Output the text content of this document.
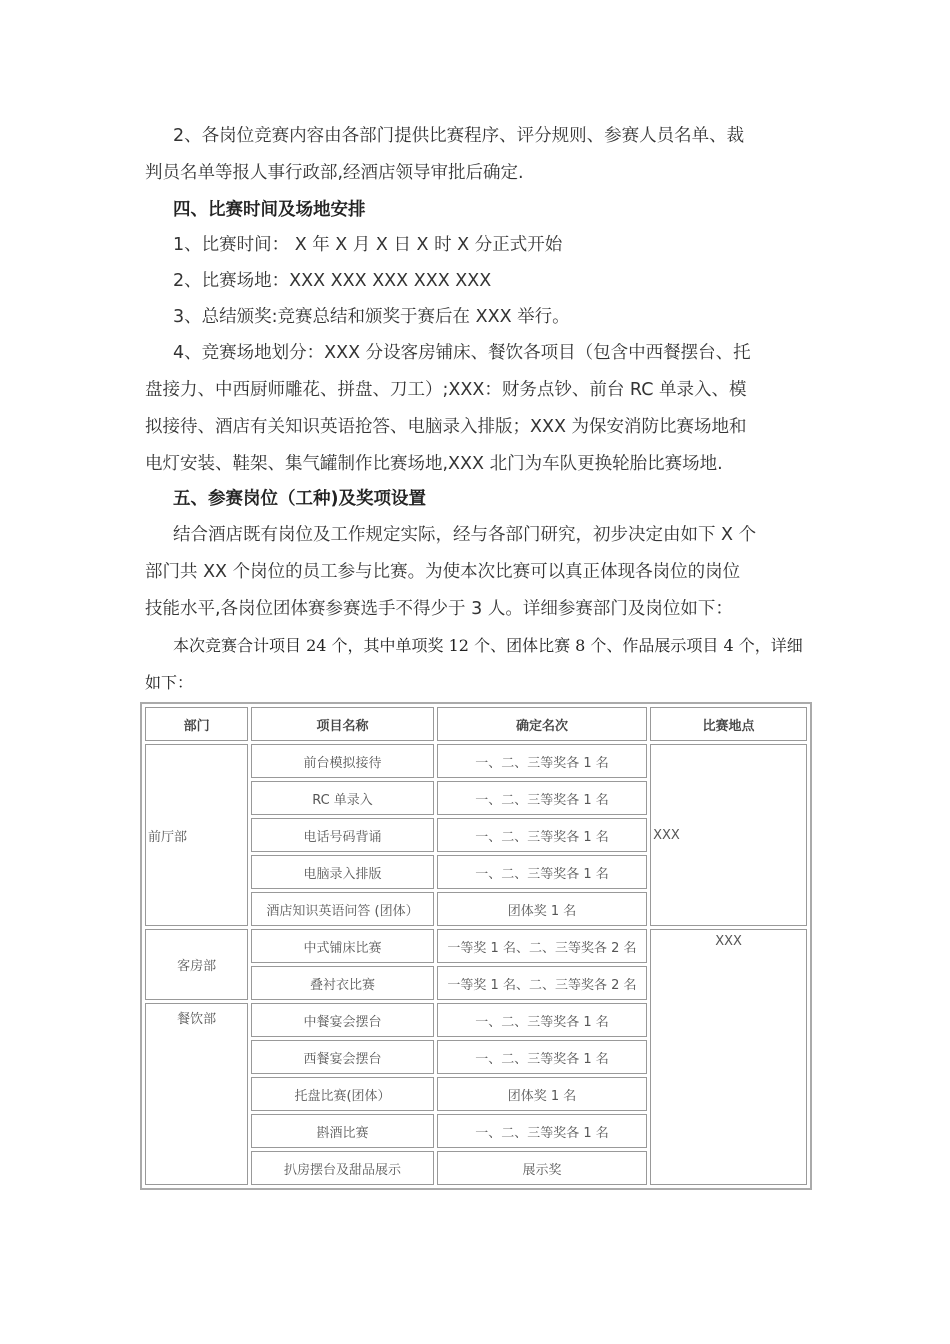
2、各岗位竞赛内容由各部门提供比赛程序、评分规则、参赛人员名单、裁
判员名单等报人事行政部,经酒店领导审批后确定.

四、比赛时间及场地安排

1、比赛时间： X 年 X 月 X 日 X 时 X 分正式开始

2、比赛场地：XXX XXX XXX XXX XXX

3、总结颁奖:竞赛总结和颁奖于赛后在 XXX 举行。

4、竞赛场地划分：XXX 分设客房铺床、餐饮各项目（包含中西餐摆台、托
盘接力、中西厨师雕花、拼盘、刀工）;XXX：财务点钞、前台 RC 单录入、模
拟接待、酒店有关知识英语抢答、电脑录入排版；XXX 为保安消防比赛场地和
电灯安装、鞋架、集气罐制作比赛场地,XXX 北门为车队更换轮胎比赛场地.

五、参赛岗位（工种)及奖项设置

结合酒店既有岗位及工作规定实际，经与各部门研究，初步决定由如下 X 个
部门共 XX 个岗位的员工参与比赛。为使本次比赛可以真正体现各岗位的岗位
技能水平,各岗位团体赛参赛选手不得少于 3 人。详细参赛部门及岗位如下：

本次竞赛合计项目 24 个，其中单项奖 12 个、团体比赛 8 个、作品展示项目 4 个，详细
如下：

部门	项目名称	确定名次	比赛地点
前厅部	前台模拟接待	一、二、三等奖各 1 名	XXX
	RC 单录入	一、二、三等奖各 1 名	
	电话号码背诵	一、二、三等奖各 1 名	
	电脑录入排版	一、二、三等奖各 1 名	
	酒店知识英语问答 (团体）	团体奖 1 名	
客房部	中式铺床比赛	一等奖 1 名、二、三等奖各 2 名	XXX
	叠衬衣比赛	一等奖 1 名、二、三等奖各 2 名	
餐饮部	中餐宴会摆台	一、二、三等奖各 1 名	
	西餐宴会摆台	一、二、三等奖各 1 名	
	托盘比赛(团体）	团体奖 1 名	
	斟酒比赛	一、二、三等奖各 1 名	
	扒房摆台及甜品展示	展示奖	
